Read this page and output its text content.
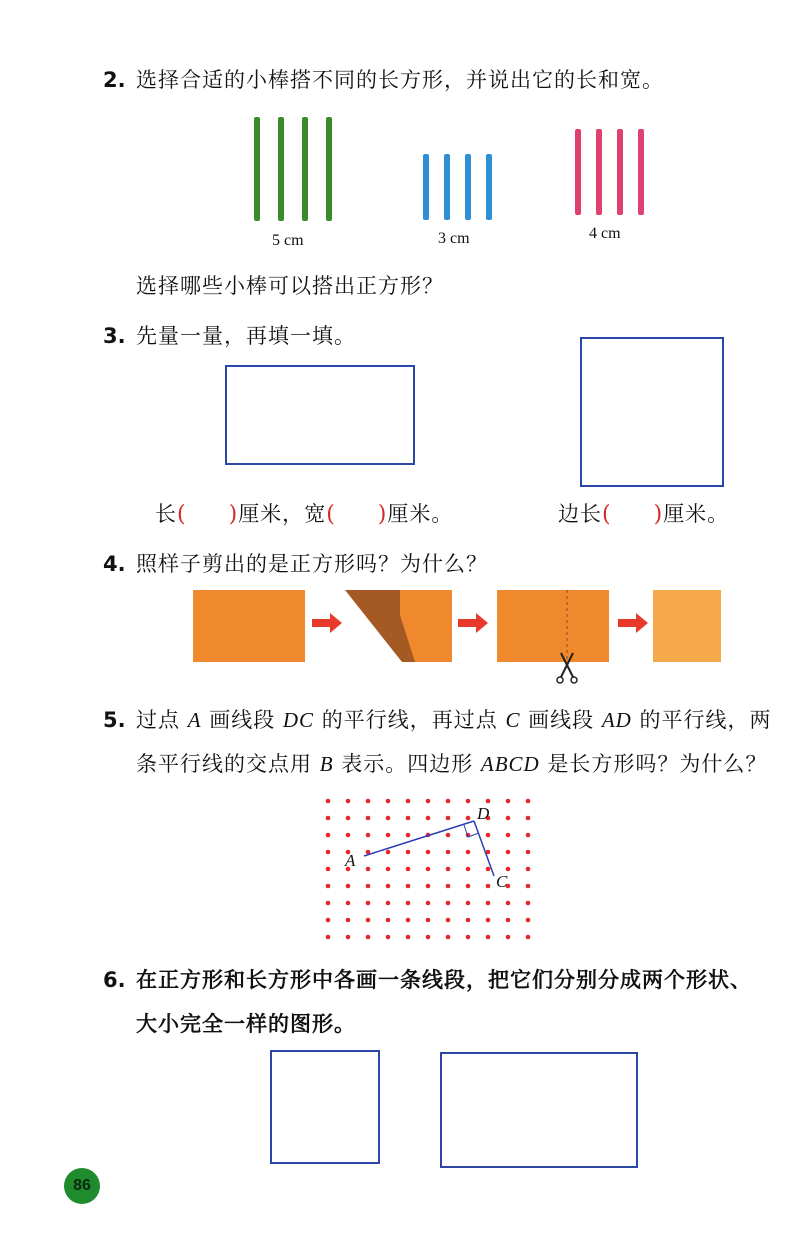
2. 选择合适的小棒搭不同的长方形，并说出它的长和宽。
5 cm	3 cm	4 cm
选择哪些小棒可以搭出正方形？
3. 先量一量，再填一填。
长( )厘米，宽( )厘米。	边长( )厘米。
4. 照样子剪出的是正方形吗？为什么？
5. 过点 A 画线段 DC 的平行线，再过点 C 画线段 AD 的平行线，两
条平行线的交点用 B 表示。四边形 ABCD 是长方形吗？为什么？
A
D
C
6. 在正方形和长方形中各画一条线段，把它们分别分成两个形状、
大小完全一样的图形。
86
